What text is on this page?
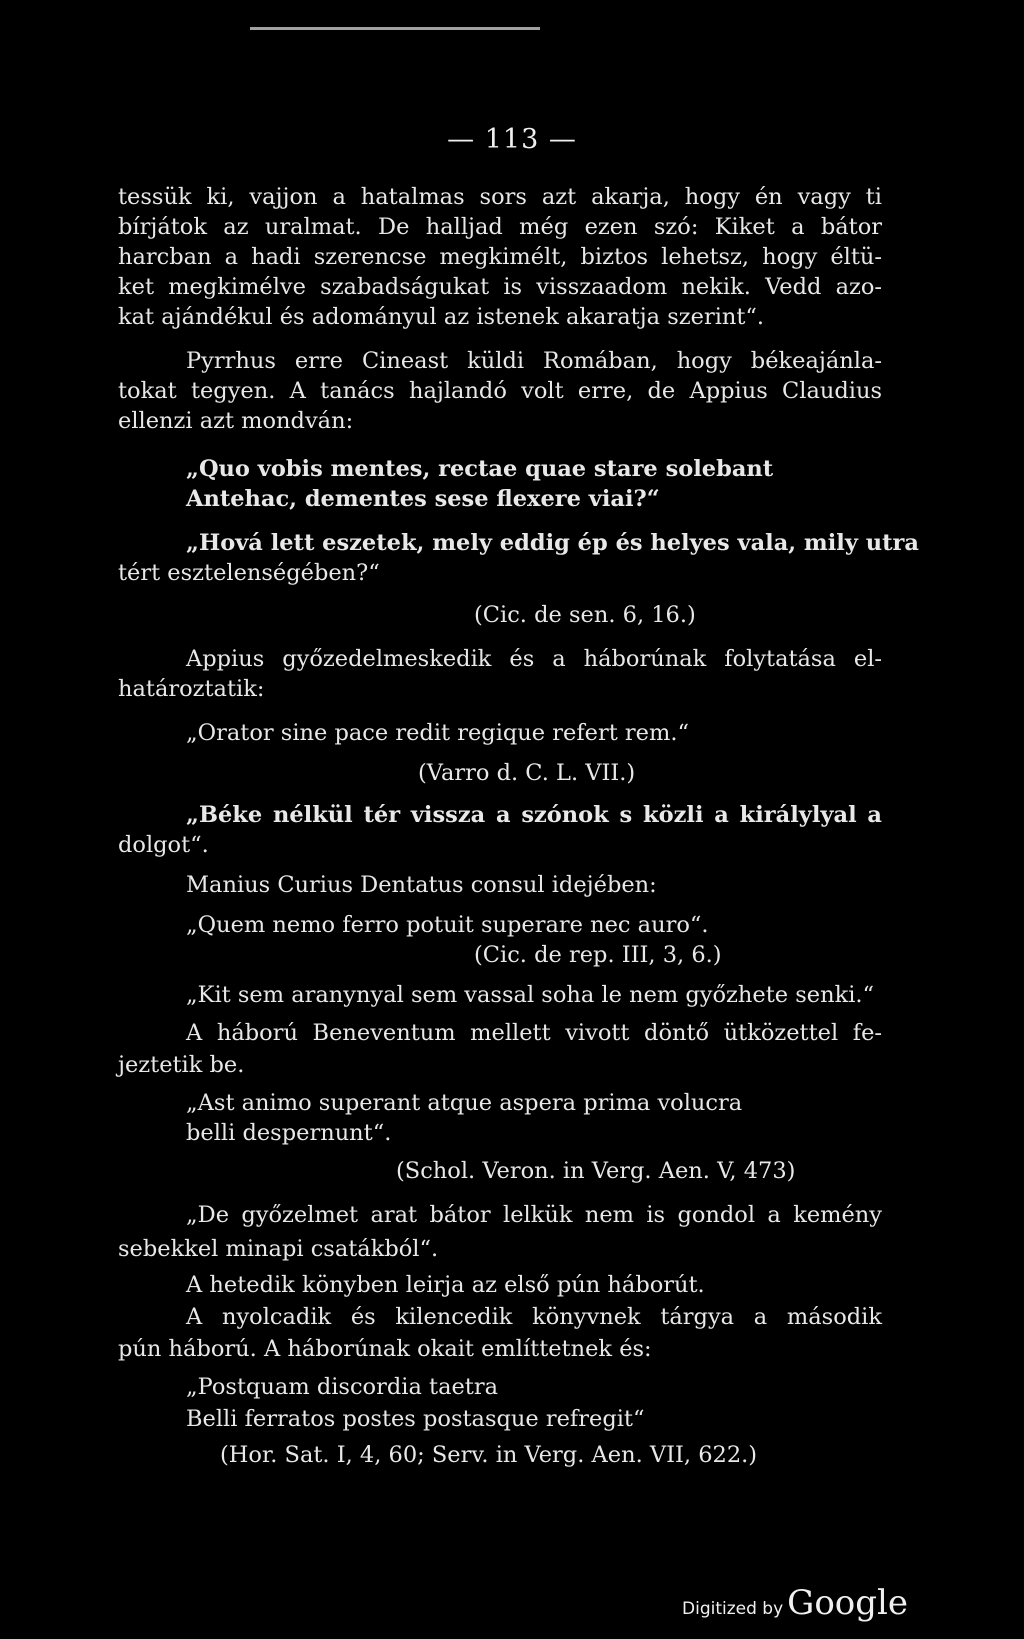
— 113 —
tessük ki, vajjon a hatalmas sors azt akarja, hogy én vagy ti
bírjátok az uralmat. De halljad még ezen szó: Kiket a bátor
harcban a hadi szerencse megkimélt, biztos lehetsz, hogy éltü-
ket megkimélve szabadságukat is visszaadom nekik. Vedd azo-
kat ajándékul és adományul az istenek akaratja szerint“.
Pyrrhus erre Cineast küldi Romában, hogy békeajánla-
tokat tegyen. A tanács hajlandó volt erre, de Appius Claudius
ellenzi azt mondván:
„Quo vobis mentes, rectae quae stare solebant
Antehac, dementes sese flexere viai?“
„Hová lett eszetek, mely eddig ép és helyes vala, mily utra
tért esztelenségében?“
(Cic. de sen. 6, 16.)
Appius győzedelmeskedik és a háborúnak folytatása el-
határoztatik:
„Orator sine pace redit regique refert rem.“
(Varro d. C. L. VII.)
„Béke nélkül tér vissza a szónok s közli a királylyal a
dolgot“.
Manius Curius Dentatus consul idejében:
„Quem nemo ferro potuit superare nec auro“.
(Cic. de rep. III, 3, 6.)
„Kit sem aranynyal sem vassal soha le nem győzhete senki.“
A háború Beneventum mellett vivott döntő ütközettel fe-
jeztetik be.
„Ast animo superant atque aspera prima volucra
belli despernunt“.
(Schol. Veron. in Verg. Aen. V, 473)
„De győzelmet arat bátor lelkük nem is gondol a kemény
sebekkel minapi csatákból“.
A hetedik könyben leirja az első pún háborút.
A nyolcadik és kilencedik könyvnek tárgya a második
pún háború. A háborúnak okait említtetnek és:
„Postquam discordia taetra
Belli ferratos postes postasque refregit“
(Hor. Sat. I, 4, 60; Serv. in Verg. Aen. VII, 622.)
Digitized by Google
